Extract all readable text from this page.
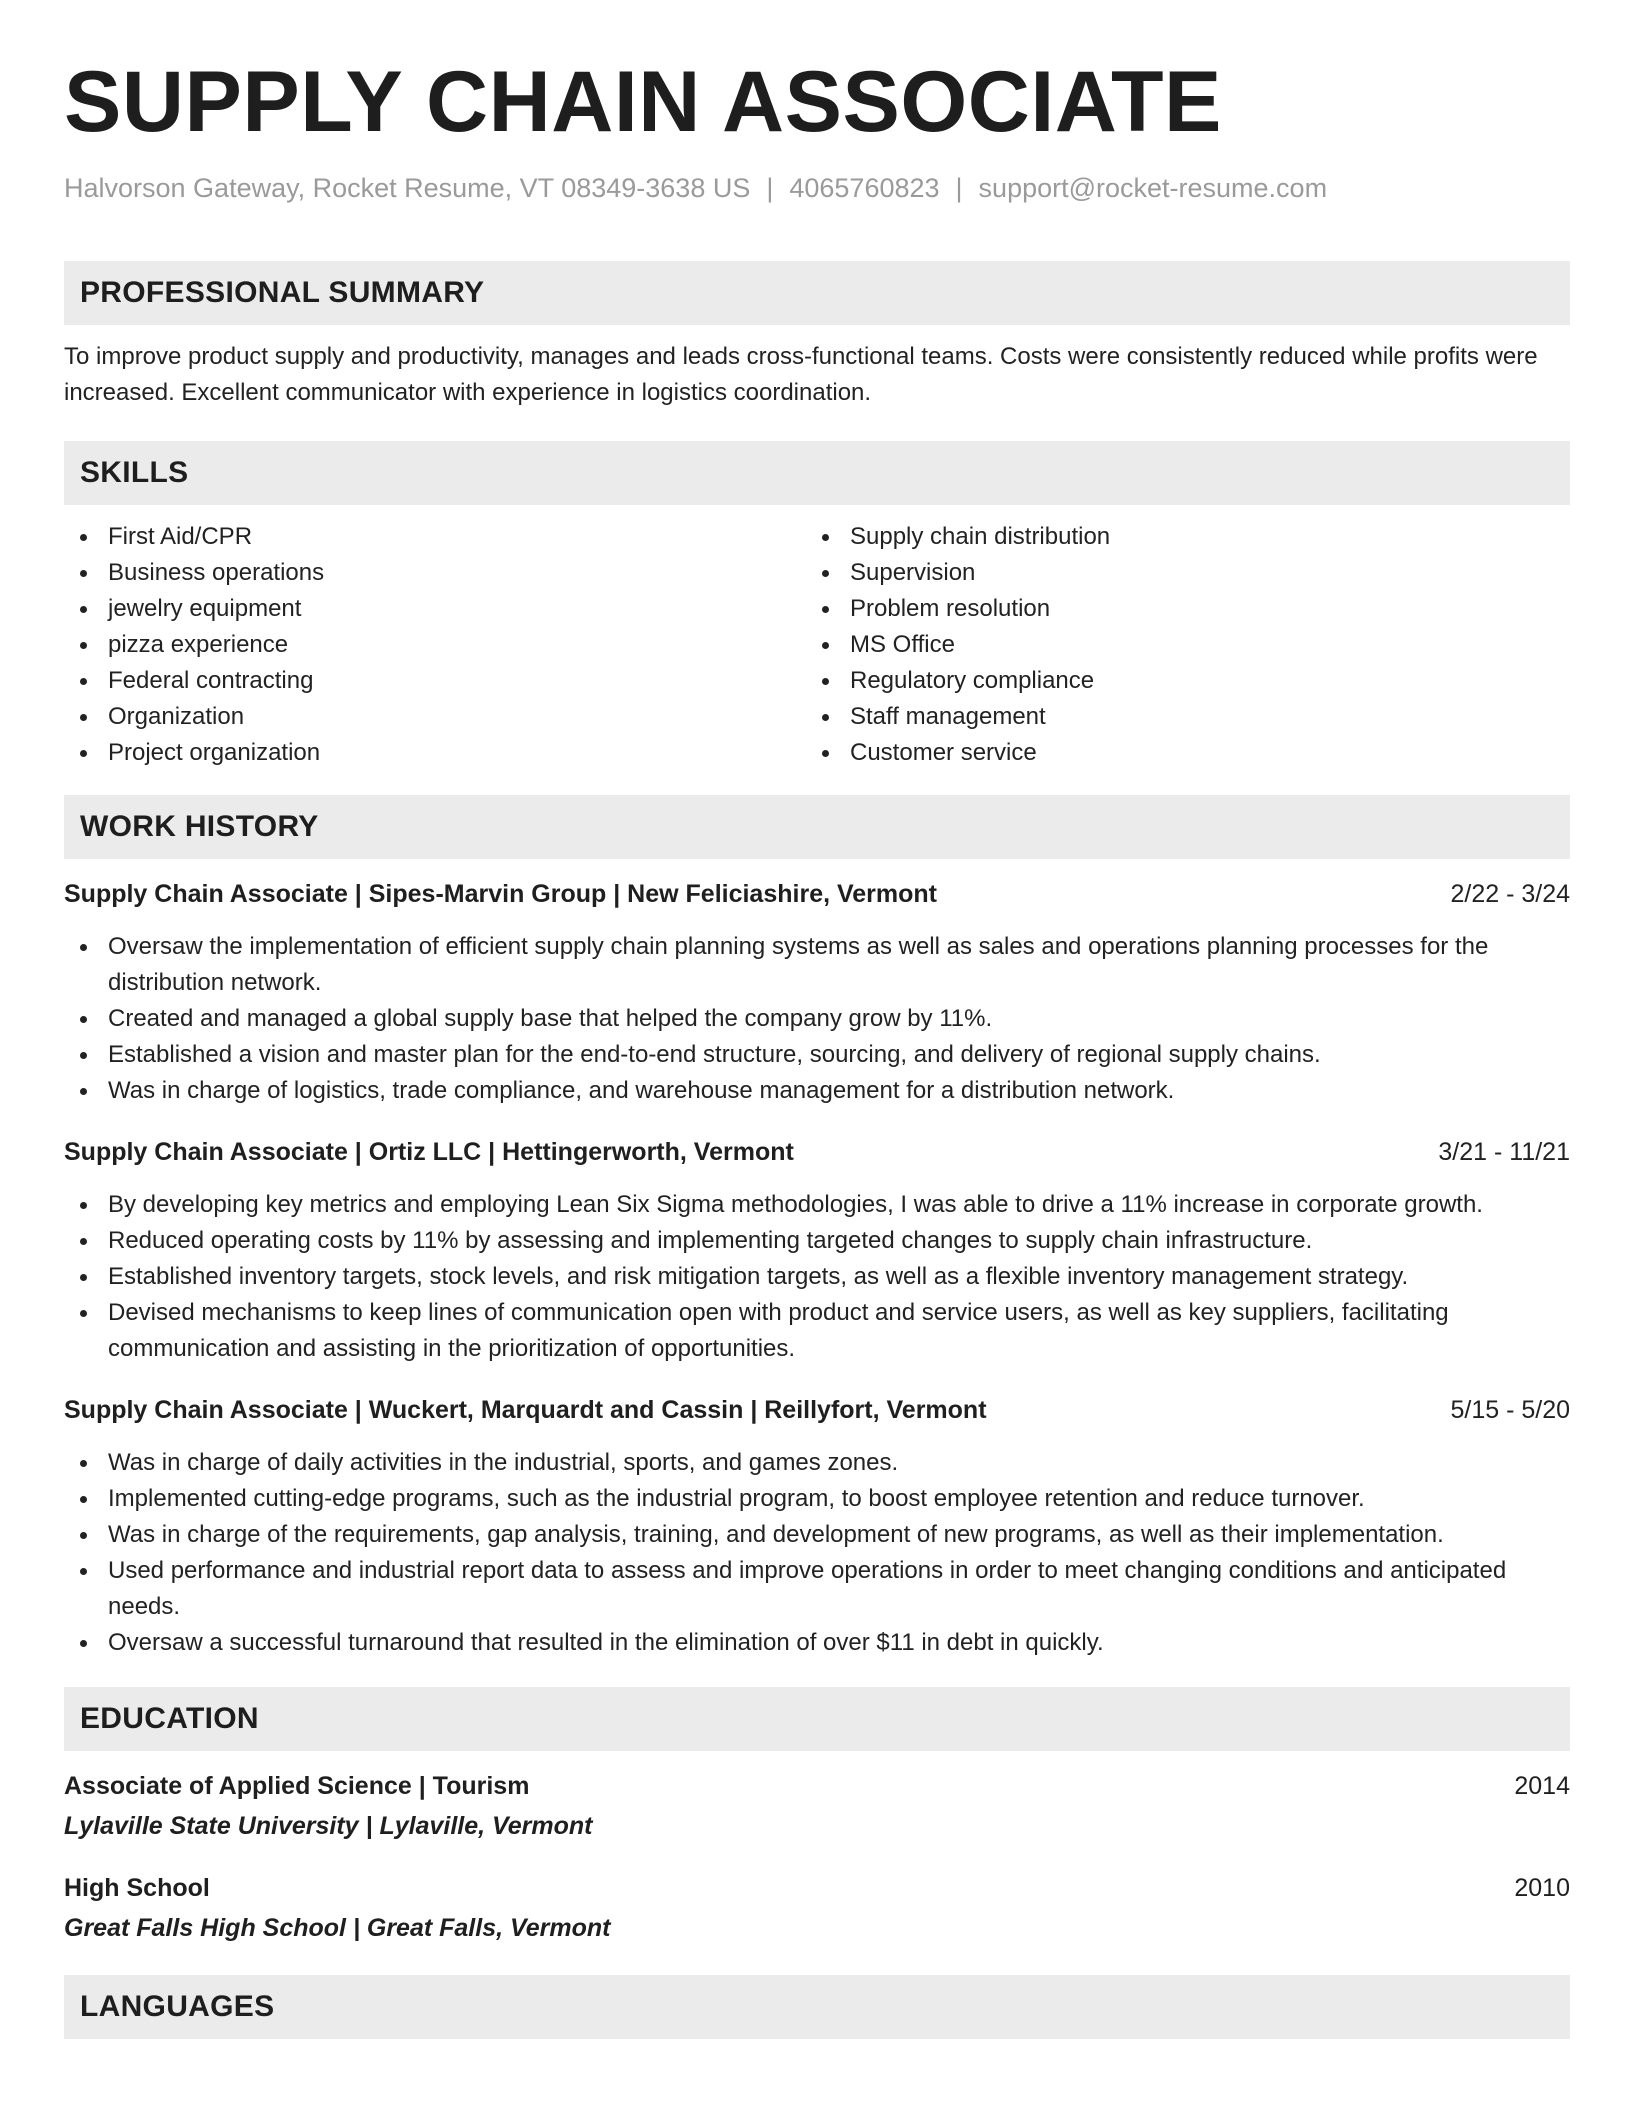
SUPPLY CHAIN ASSOCIATE
Halvorson Gateway, Rocket Resume, VT 08349-3638 US | 4065760823 | support@rocket-resume.com
PROFESSIONAL SUMMARY

To improve product supply and productivity, manages and leads cross-functional teams. Costs were consistently reduced while profits were increased. Excellent communicator with experience in logistics coordination.

SKILLS
First Aid/CPR
Business operations
jewelry equipment
pizza experience
Federal contracting
Organization
Project organization
Supply chain distribution
Supervision
Problem resolution
MS Office
Regulatory compliance
Staff management
Customer service
WORK HISTORY
Supply Chain Associate | Sipes-Marvin Group | New Feliciashire, Vermont	2/22 - 3/24
Oversaw the implementation of efficient supply chain planning systems as well as sales and operations planning processes for the distribution network.
Created and managed a global supply base that helped the company grow by 11%.
Established a vision and master plan for the end-to-end structure, sourcing, and delivery of regional supply chains.
Was in charge of logistics, trade compliance, and warehouse management for a distribution network.
Supply Chain Associate | Ortiz LLC | Hettingerworth, Vermont	3/21 - 11/21
By developing key metrics and employing Lean Six Sigma methodologies, I was able to drive a 11% increase in corporate growth.
Reduced operating costs by 11% by assessing and implementing targeted changes to supply chain infrastructure.
Established inventory targets, stock levels, and risk mitigation targets, as well as a flexible inventory management strategy.
Devised mechanisms to keep lines of communication open with product and service users, as well as key suppliers, facilitating communication and assisting in the prioritization of opportunities.
Supply Chain Associate | Wuckert, Marquardt and Cassin | Reillyfort, Vermont	5/15 - 5/20
Was in charge of daily activities in the industrial, sports, and games zones.
Implemented cutting-edge programs, such as the industrial program, to boost employee retention and reduce turnover.
Was in charge of the requirements, gap analysis, training, and development of new programs, as well as their implementation.
Used performance and industrial report data to assess and improve operations in order to meet changing conditions and anticipated needs.
Oversaw a successful turnaround that resulted in the elimination of over $11 in debt in quickly.
EDUCATION
Associate of Applied Science | Tourism	2014
Lylaville State University | Lylaville, Vermont
High School	2010
Great Falls High School | Great Falls, Vermont
LANGUAGES
